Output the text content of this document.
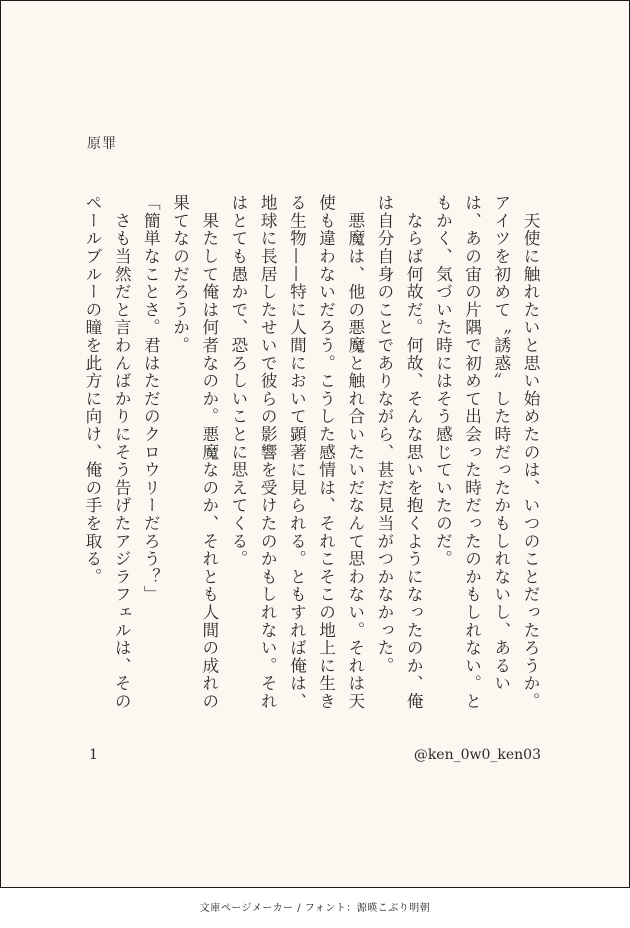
原罪

　天使に触れたいと思い始めたのは、いつのことだったろうか。アイツを初めて〝誘惑〟した時だったかもしれないし、あるいは、あの宙の片隅で初めて出会った時だったのかもしれない。ともかく、気づいた時にはそう感じていたのだ。

　ならば何故だ。何故、そんな思いを抱くようになったのか、俺は自分自身のことでありながら、甚だ見当がつかなかった。

　悪魔は、他の悪魔と触れ合いたいだなんて思わない。それは天使も違わないだろう。こうした感情は、それこそこの地上に生きる生物——特に人間において顕著に見られる。ともすれば俺は、地球に長居したせいで彼らの影響を受けたのかもしれない。それはとても愚かで、恐ろしいことに思えてくる。

　果たして俺は何者なのか。悪魔なのか、それとも人間の成れの果てなのだろうか。

「簡単なことさ。君はただのクロウリーだろう？」

　さも当然だと言わんばかりにそう告げたアジラフェルは、そのペールブルーの瞳を此方に向け、俺の手を取る。

1	@ken_0w0_ken03
文庫ページメーカー / フォント：源暎こぶり明朝
